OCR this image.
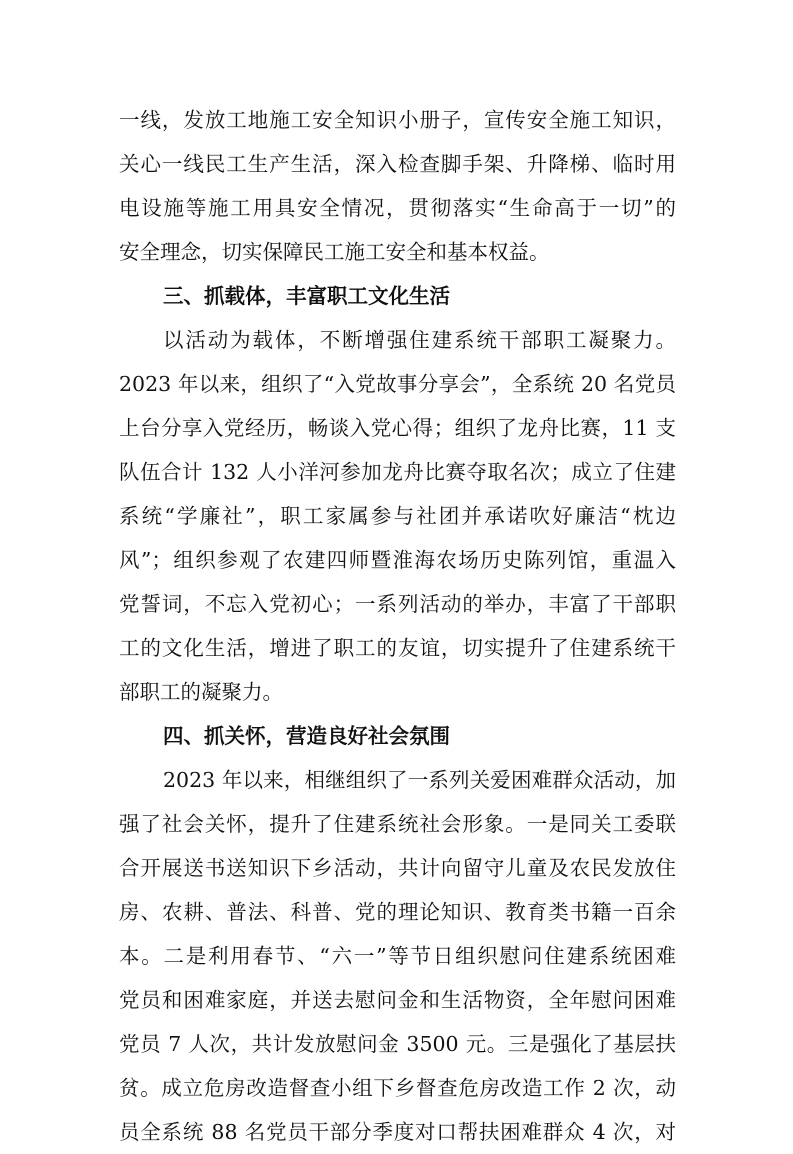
一线，发放工地施工安全知识小册子，宣传安全施工知识，
关心一线民工生产生活，深入检查脚手架、升降梯、临时用
电设施等施工用具安全情况，贯彻落实“生命高于一切”的
安全理念，切实保障民工施工安全和基本权益。
三、抓载体，丰富职工文化生活
以活动为载体，不断增强住建系统干部职工凝聚力。
2023 年以来，组织了“入党故事分享会”，全系统 20 名党员
上台分享入党经历，畅谈入党心得；组织了龙舟比赛，11 支
队伍合计 132 人小洋河参加龙舟比赛夺取名次；成立了住建
系统“学廉社”，职工家属参与社团并承诺吹好廉洁“枕边
风”；组织参观了农建四师暨淮海农场历史陈列馆，重温入
党誓词，不忘入党初心；一系列活动的举办，丰富了干部职
工的文化生活，增进了职工的友谊，切实提升了住建系统干
部职工的凝聚力。
四、抓关怀，营造良好社会氛围
2023 年以来，相继组织了一系列关爱困难群众活动，加
强了社会关怀，提升了住建系统社会形象。一是同关工委联
合开展送书送知识下乡活动，共计向留守儿童及农民发放住
房、农耕、普法、科普、党的理论知识、教育类书籍一百余
本。二是利用春节、“六一”等节日组织慰问住建系统困难
党员和困难家庭，并送去慰问金和生活物资，全年慰问困难
党员 7 人次，共计发放慰问金 3500 元。三是强化了基层扶
贫。成立危房改造督查小组下乡督查危房改造工作 2 次，动
员全系统 88 名党员干部分季度对口帮扶困难群众 4 次，对
